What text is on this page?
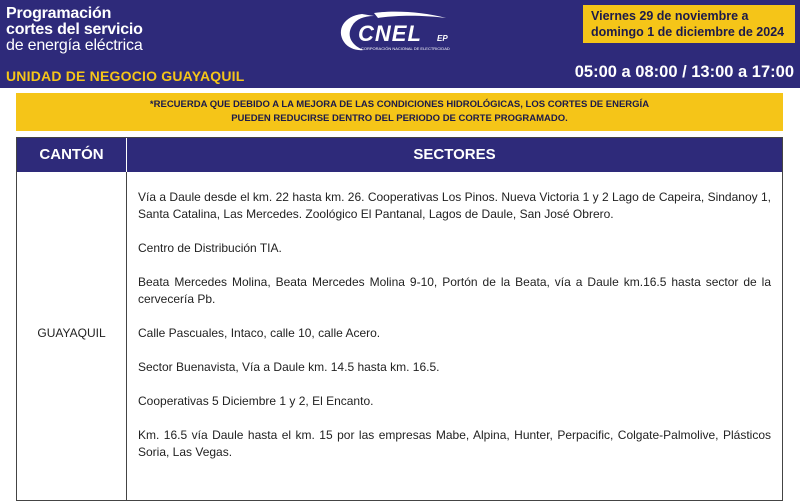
Programación
cortes del servicio
de energía eléctrica
UNIDAD DE NEGOCIO GUAYAQUIL
CNEL EP
CORPORACIÓN NACIONAL DE ELECTRICIDAD
Viernes 29 de noviembre a
domingo 1 de diciembre de 2024
05:00 a 08:00 / 13:00 a 17:00
*RECUERDA QUE DEBIDO A LA MEJORA DE LAS CONDICIONES HIDROLÓGICAS, LOS CORTES DE ENERGÍA
PUEDEN REDUCIRSE DENTRO DEL PERIODO DE CORTE PROGRAMADO.
CANTÓN	SECTORES
GUAYAQUIL
Vía a Daule desde el km. 22 hasta km. 26. Cooperativas Los Pinos. Nueva Victoria 1 y 2 Lago de Capeira, Sindanoy 1, Santa Catalina, Las Mercedes. Zoológico El Pantanal, Lagos de Daule, San José Obrero.
Centro de Distribución TIA.
Beata Mercedes Molina, Beata Mercedes Molina 9-10, Portón de la Beata, vía a Daule km.16.5 hasta sector de la cervecería Pb.
Calle Pascuales, Intaco, calle 10, calle Acero.
Sector Buenavista, Vía a Daule km. 14.5 hasta km. 16.5.
Cooperativas 5 Diciembre 1 y 2, El Encanto.
Km. 16.5 vía Daule hasta el km. 15 por las empresas Mabe, Alpina, Hunter, Perpacific, Colgate-Palmolive, Plásticos Soria, Las Vegas.
